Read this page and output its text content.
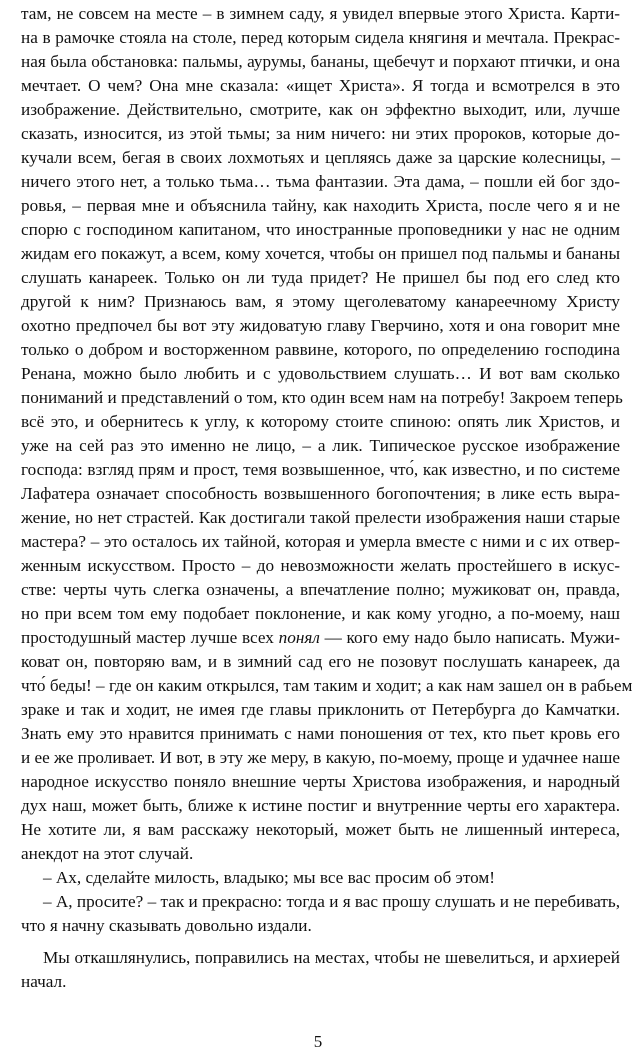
там, не совсем на месте – в зимнем саду, я увидел впервые этого Христа. Карти-
на в рамочке стояла на столе, перед которым сидела княгиня и мечтала. Прекрас-
ная была обстановка: пальмы, аурумы, бананы, щебечут и порхают птички, и она
мечтает. О чем? Она мне сказала: «ищет Христа». Я тогда и всмотрелся в это
изображение. Действительно, смотрите, как он эффектно выходит, или, лучше
сказать, износится, из этой тьмы; за ним ничего: ни этих пророков, которые до-
кучали всем, бегая в своих лохмотьях и цепляясь даже за царские колесницы, –
ничего этого нет, а только тьма… тьма фантазии. Эта дама, – пошли ей бог здо-
ровья, – первая мне и объяснила тайну, как находить Христа, после чего я и не
спорю с господином капитаном, что иностранные проповедники у нас не одним
жидам его покажут, а всем, кому хочется, чтобы он пришел под пальмы и бананы
слушать канареек. Только он ли туда придет? Не пришел бы под его след кто
другой к ним? Признаюсь вам, я этому щеголеватому канареечному Христу
охотно предпочел бы вот эту жидоватую главу Гверчино, хотя и она говорит мне
только о добром и восторженном раввине, которого, по определению господина
Ренана, можно было любить и с удовольствием слушать… И вот вам сколько
пониманий и представлений о том, кто один всем нам на потребу! Закроем теперь
всё это, и обернитесь к углу, к которому стоите спиною: опять лик Христов, и
уже на сей раз это именно не лицо, – а лик. Типическое русское изображение
господа: взгляд прям и прост, темя возвышенное, что́, как известно, и по системе
Лафатера означает способность возвышенного богопочтения; в лике есть выра-
жение, но нет страстей. Как достигали такой прелести изображения наши старые
мастера? – это осталось их тайной, которая и умерла вместе с ними и с их отвер-
женным искусством. Просто – до невозможности желать простейшего в искус-
стве: черты чуть слегка означены, а впечатление полно; мужиковат он, правда,
но при всем том ему подобает поклонение, и как кому угодно, а по-моему, наш
простодушный мастер лучше всех понял — кого ему надо было написать. Мужи-
коват он, повторяю вам, и в зимний сад его не позовут послушать канареек, да
что́ беды! – где он каким открылся, там таким и ходит; а как нам зашел он в рабьем
зраке и так и ходит, не имея где главы приклонить от Петербурга до Камчатки.
Знать ему это нравится принимать с нами поношения от тех, кто пьет кровь его
и ее же проливает. И вот, в эту же меру, в какую, по-моему, проще и удачнее наше
народное искусство поняло внешние черты Христова изображения, и народный
дух наш, может быть, ближе к истине постиг и внутренние черты его характера.
Не хотите ли, я вам расскажу некоторый, может быть не лишенный интереса,
анекдот на этот случай.
– Ах, сделайте милость, владыко; мы все вас просим об этом!
– А, просите? – так и прекрасно: тогда и я вас прошу слушать и не перебивать,
что я начну сказывать довольно издали.
Мы откашлянулись, поправились на местах, чтобы не шевелиться, и архиерей
начал.
5
